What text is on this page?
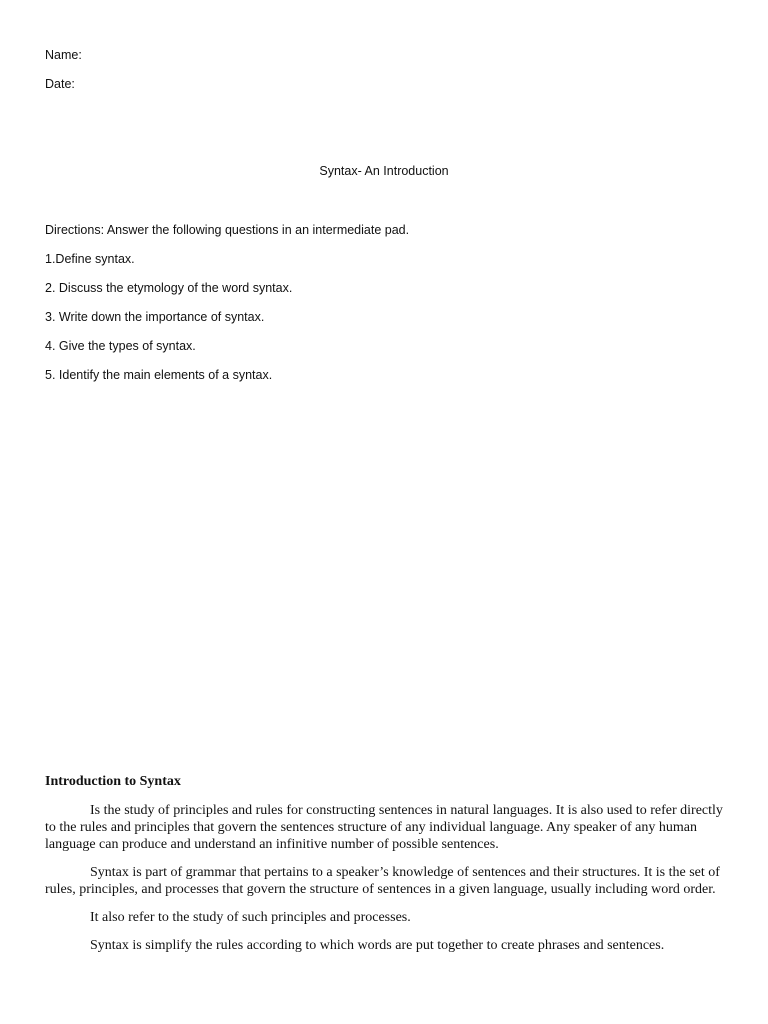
Name:

Date:

Syntax- An Introduction

Directions: Answer the following questions in an intermediate pad.

1.Define syntax.
2. Discuss the etymology of the word syntax.
3. Write down the importance of syntax.
4. Give the types of syntax.
5. Identify the main elements of a syntax.

Introduction to Syntax

Is the study of principles and rules for constructing sentences in natural languages. It is also used to refer directly to the rules and principles that govern the sentences structure of any individual language. Any speaker of any human language can produce and understand an infinitive number of possible sentences.

Syntax is part of grammar that pertains to a speaker’s knowledge of sentences and their structures. It is the set of rules, principles, and processes that govern the structure of sentences in a given language, usually including word order.

It also refer to the study of such principles and processes.

Syntax is simplify the rules according to which words are put together to create phrases and sentences.
